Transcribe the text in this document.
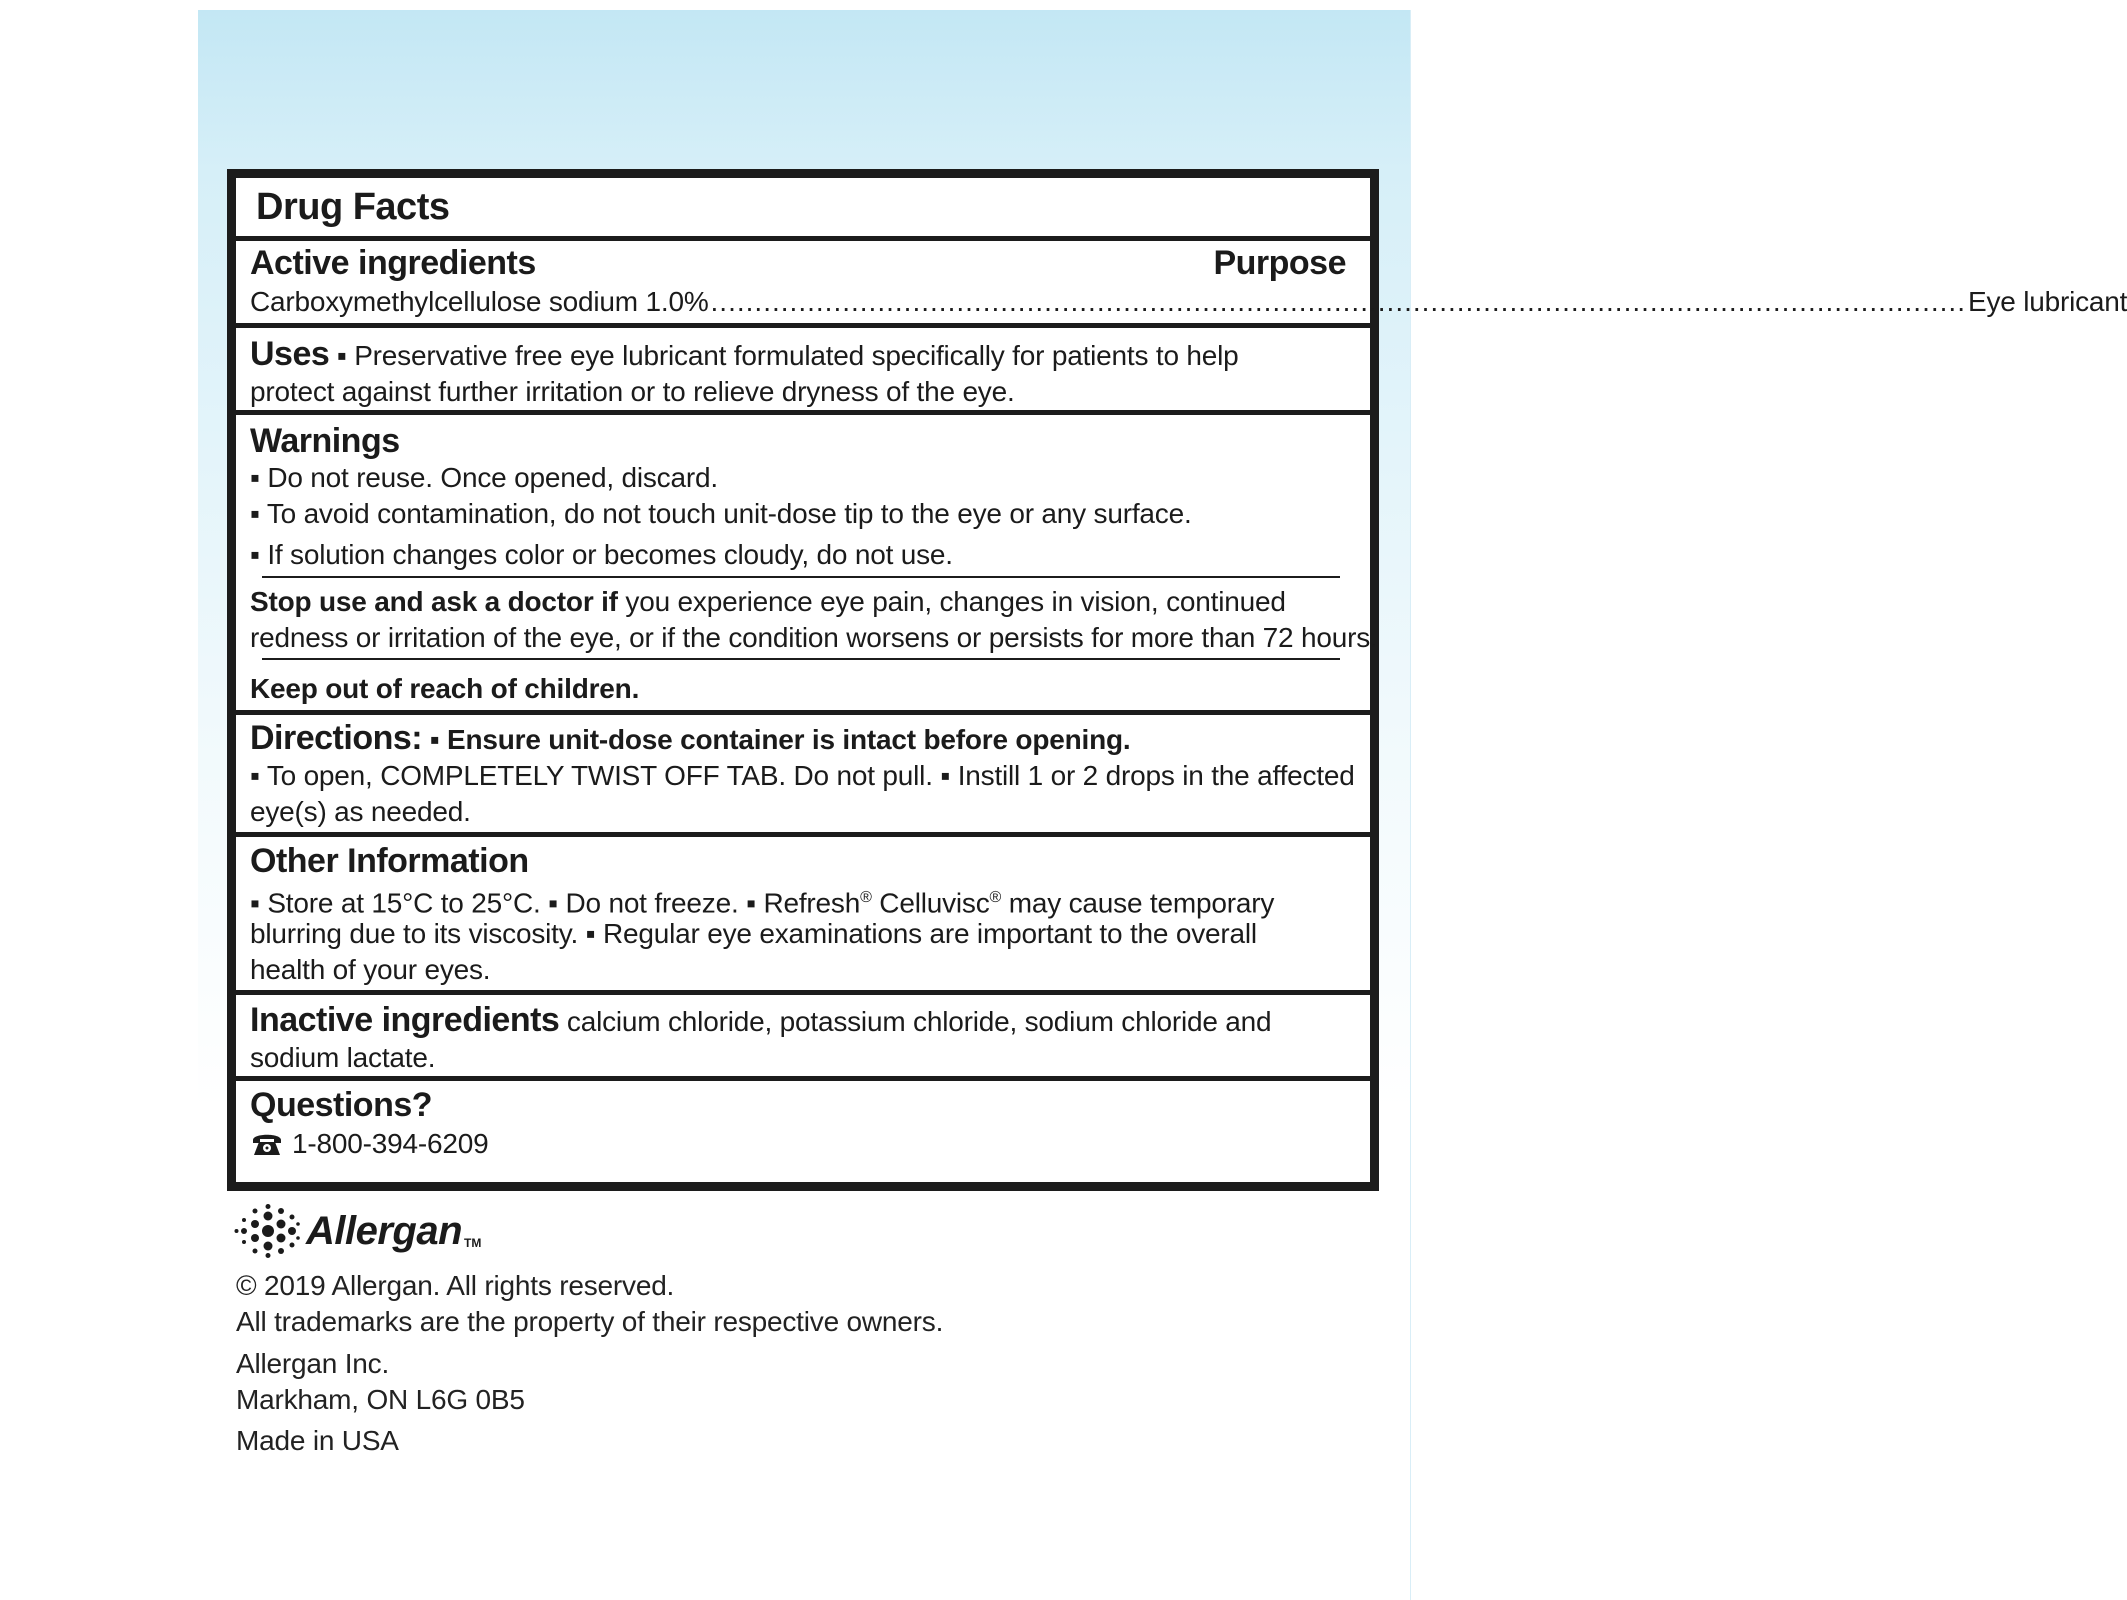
Drug Facts
Active ingredients	Purpose
Carboxymethylcellulose sodium 1.0% ............................................................................................................................................... Eye lubricant
Uses ▪ Preservative free eye lubricant formulated specifically for patients to help
protect against further irritation or to relieve dryness of the eye.
Warnings
▪ Do not reuse. Once opened, discard.
▪ To avoid contamination, do not touch unit-dose tip to the eye or any surface.
▪ If solution changes color or becomes cloudy, do not use.
Stop use and ask a doctor if you experience eye pain, changes in vision, continued
redness or irritation of the eye, or if the condition worsens or persists for more than 72 hours.
Keep out of reach of children.
Directions: ▪ Ensure unit-dose container is intact before opening.
▪ To open, COMPLETELY TWIST OFF TAB. Do not pull. ▪ Instill 1 or 2 drops in the affected
eye(s) as needed.
Other Information
▪ Store at 15°C to 25°C. ▪ Do not freeze. ▪ Refresh® Celluvisc® may cause temporary
blurring due to its viscosity. ▪ Regular eye examinations are important to the overall
health of your eyes.
Inactive ingredients calcium chloride, potassium chloride, sodium chloride and
sodium lactate.
Questions?
1-800-394-6209
Allergan TM
© 2019 Allergan. All rights reserved.
All trademarks are the property of their respective owners.
Allergan Inc.
Markham, ON L6G 0B5
Made in USA
